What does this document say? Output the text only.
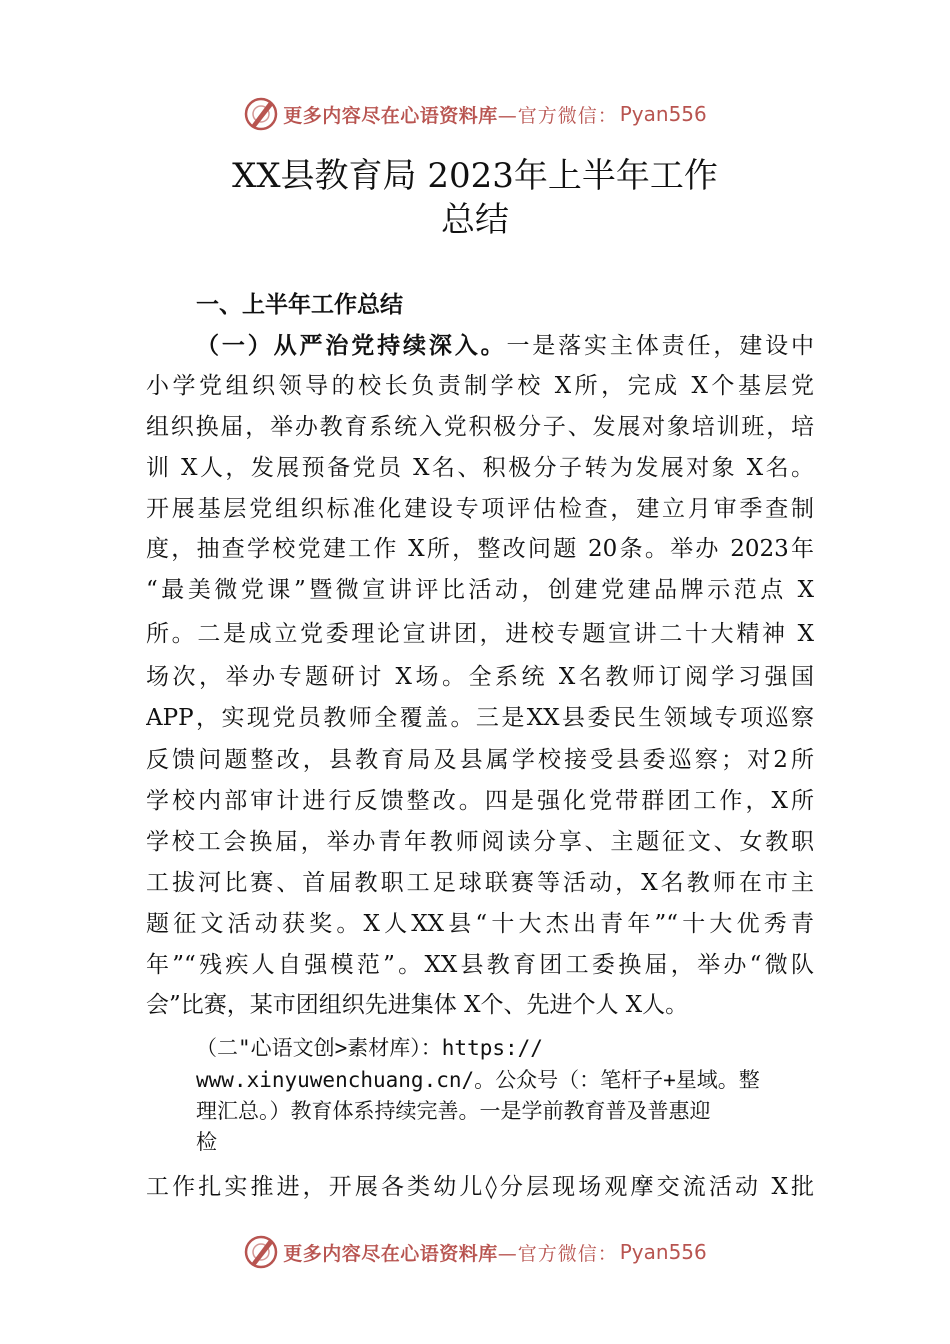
更多内容尽在心语资料库 —官方微信： Pyan556
XX县教育局 2023年上半年工作
总结
一、上半年工作总结
（一）从严治党持续深入。一是落实主体责任，建设中
小学党组织领导的校长负责制学校 X所，完成 X个基层党
组织换届，举办教育系统入党积极分子、发展对象培训班，培
训 X人，发展预备党员 X名、积极分子转为发展对象 X名。
开展基层党组织标准化建设专项评估检查，建立月审季查制
度，抽查学校党建工作 X所，整改问题 20条。举办 2023年
“最美微党课”暨微宣讲评比活动，创建党建品牌示范点 X
所。二是成立党委理论宣讲团，进校专题宣讲二十大精神 X
场次，举办专题研讨 X场。全系统 X名教师订阅学习强国
APP，实现党员教师全覆盖。三是XX县委民生领域专项巡察
反馈问题整改，县教育局及县属学校接受县委巡察；对2所
学校内部审计进行反馈整改。四是强化党带群团工作，X所
学校工会换届，举办青年教师阅读分享、主题征文、女教职
工拔河比赛、首届教职工足球联赛等活动，X名教师在市主
题征文活动获奖。X人XX县“十大杰出青年”“十大优秀青
年”“残疾人自强模范”。XX县教育团工委换届，举办“微队
会”比赛，某市团组织先进集体 X个、先进个人 X人。
（二"心语文创>素材库）：https://
www.xinyuwenchuang.cn/。公众号（：笔杆子+星域。整
理汇总。）教育体系持续完善。一是学前教育普及普惠迎
检
工作扎实推进，开展各类幼儿◊分层现场观摩交流活动 X批
更多内容尽在心语资料库 —官方微信： Pyan556
